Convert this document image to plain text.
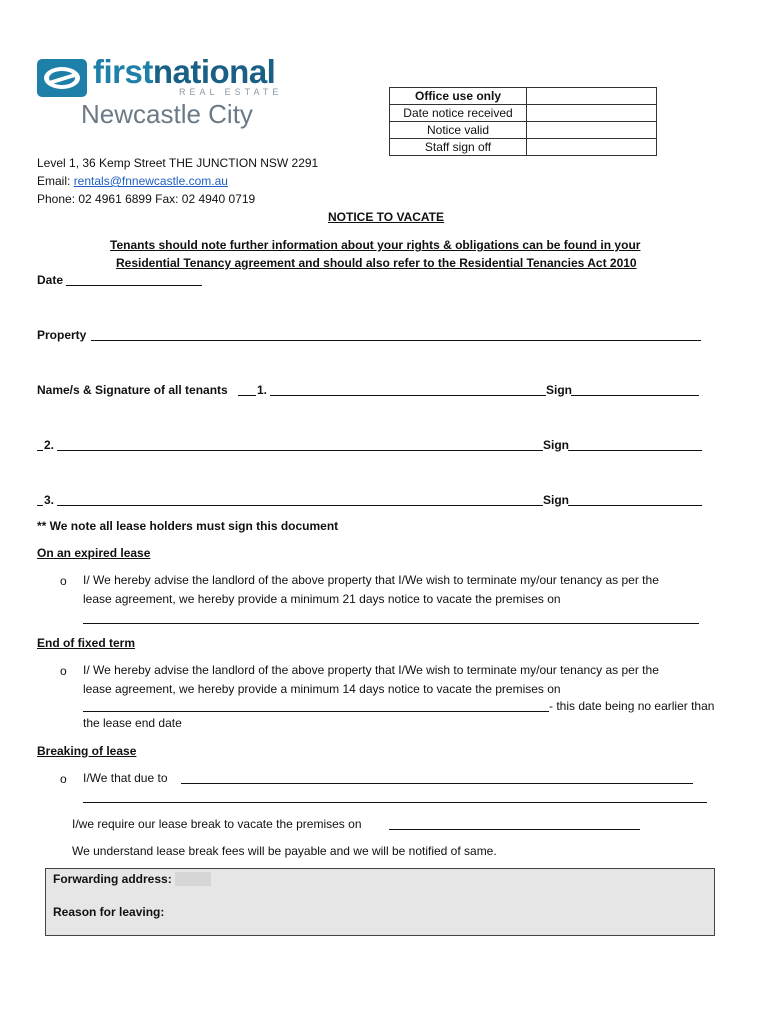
firstnational
REAL ESTATE
Newcastle City
Office use only	
Date notice received	
Notice valid	
Staff sign off	
Level 1, 36 Kemp Street THE JUNCTION NSW 2291
Email: rentals@fnnewcastle.com.au
Phone: 02 4961 6899 Fax: 02 4940 0719
NOTICE TO VACATE
Tenants should note further information about your rights & obligations can be found in your
Residential Tenancy agreement and should also refer to the Residential Tenancies Act 2010
Date
Property
Name/s & Signature of all tenants 1.	Sign
2.	Sign
3.	Sign
** We note all lease holders must sign this document
On an expired lease
o I/ We hereby advise the landlord of the above property that I/We wish to terminate my/our tenancy as per the
lease agreement, we hereby provide a minimum 21 days notice to vacate the premises on
End of fixed term
o I/ We hereby advise the landlord of the above property that I/We wish to terminate my/our tenancy as per the
lease agreement, we hereby provide a minimum 14 days notice to vacate the premises on
- this date being no earlier than
the lease end date
Breaking of lease
o I/We that due to
I/we require our lease break to vacate the premises on
We understand lease break fees will be payable and we will be notified of same.
Forwarding address:
Reason for leaving:
